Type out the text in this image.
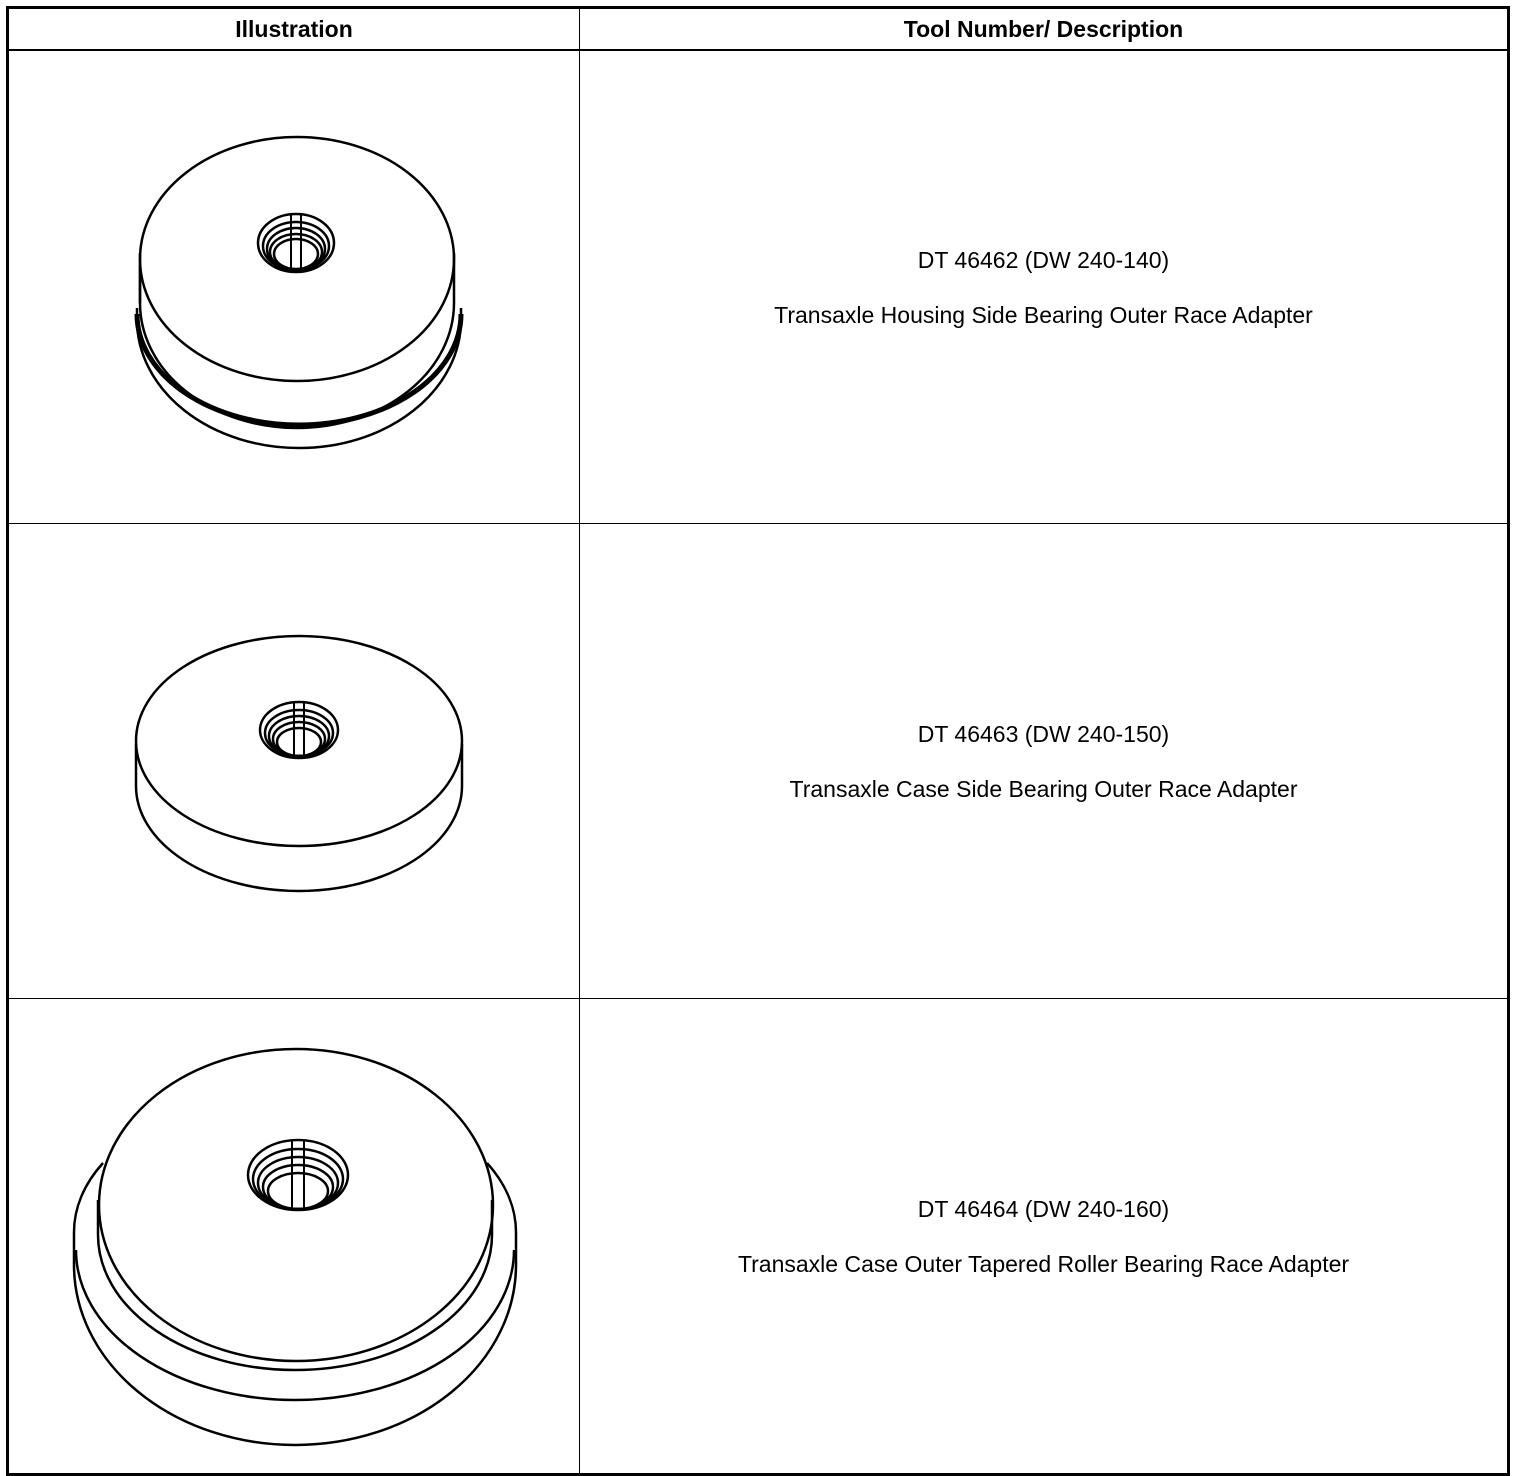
Illustration	Tool Number/ Description

DT 46462 (DW 240-140)
Transaxle Housing Side Bearing Outer Race Adapter

DT 46463 (DW 240-150)
Transaxle Case Side Bearing Outer Race Adapter

DT 46464 (DW 240-160)
Transaxle Case Outer Tapered Roller Bearing Race Adapter
